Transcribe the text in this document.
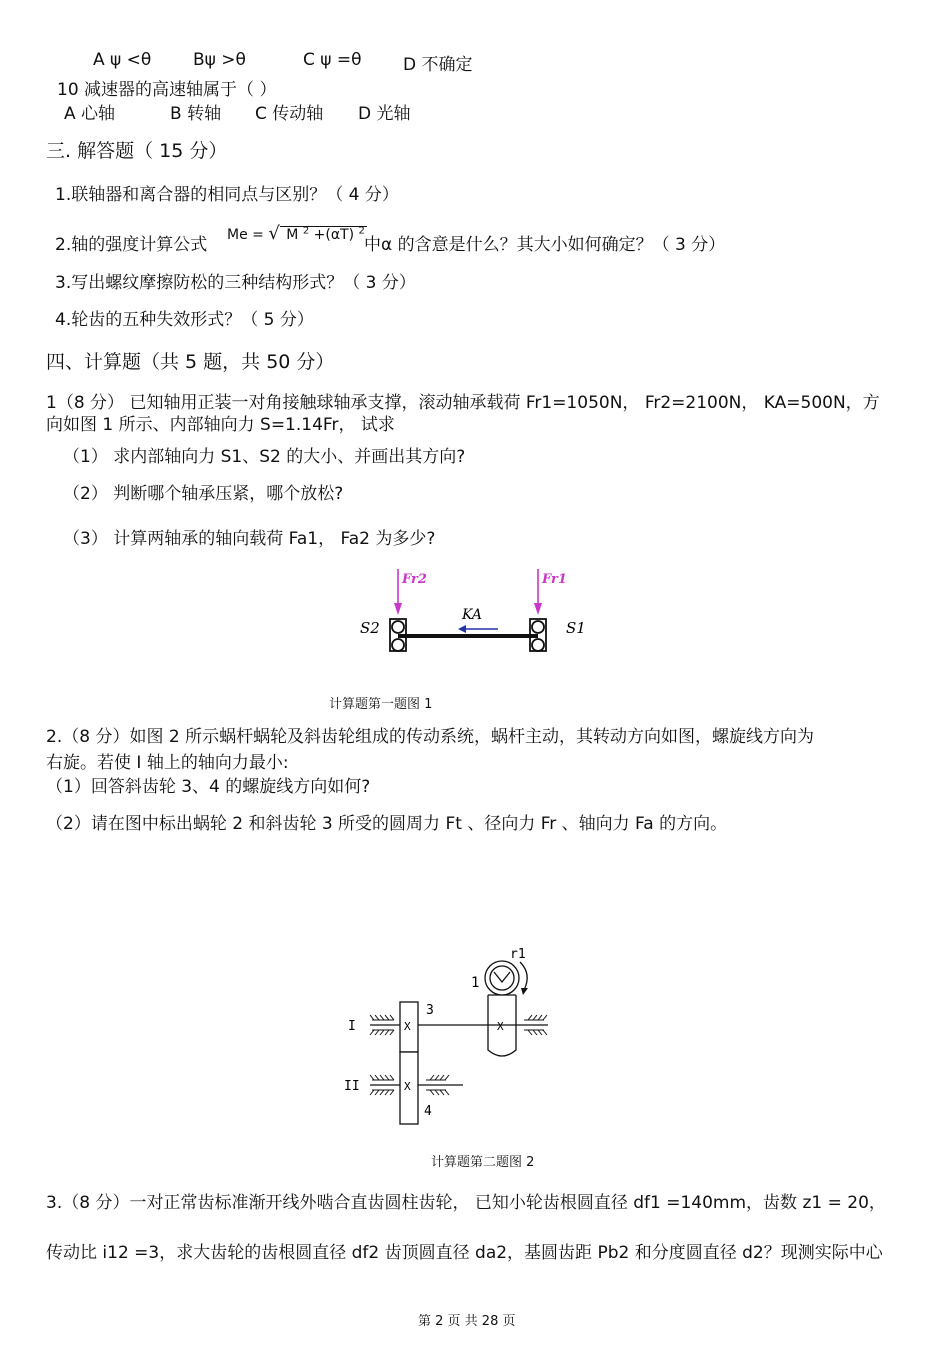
A ψ <θ Bψ >θ	C ψ =θ D 不确定
10 减速器的高速轴属于（ ）
A 心轴	B 转轴 C 传动轴 D 光轴
三. 解答题（ 15 分）
1.联轴器和离合器的相同点与区别？（ 4 分）
2.轴的强度计算公式 Me = √ M $^2$ +(αT) $^2$
中α 的含意是什么？其大小如何确定？（ 3 分）
3.写出螺纹摩擦防松的三种结构形式？（ 3 分）
4.轮齿的五种失效形式？（ 5 分）
四、计算题（共 5 题，共 50 分）
1（8 分） 已知轴用正装一对角接触球轴承支撑，滚动轴承载荷 Fr1=1050N， Fr2=2100N， KA=500N，方
向如图 1 所示、内部轴向力 S=1.14Fr， 试求
（1） 求内部轴向力 S1、S2 的大小、并画出其方向?
（2） 判断哪个轴承压紧，哪个放松?
（3） 计算两轴承的轴向载荷 Fa1， Fa2 为多少?
Fr2	Fr1
KA
S2	S1
计算题第一题图 1
2.（8 分）如图 2 所示蜗杆蜗轮及斜齿轮组成的传动系统，蜗杆主动，其转动方向如图，螺旋线方向为
右旋。若使 I 轴上的轴向力最小:
（1）回答斜齿轮 3、4 的螺旋线方向如何?
（2）请在图中标出蜗轮 2 和斜齿轮 3 所受的圆周力 Ft 、径向力 Fr 、轴向力 Fa 的方向。
r1
1
X
X
X
3
4
I
II
计算题第二题图 2
3.（8 分）一对正常齿标准渐开线外啮合直齿圆柱齿轮， 已知小轮齿根圆直径 df1 =140mm，齿数 z1 = 20，
传动比 i12 =3，求大齿轮的齿根圆直径 df2 齿顶圆直径 da2，基圆齿距 Pb2 和分度圆直径 d2？现测实际中心
第 2 页 共 28 页
